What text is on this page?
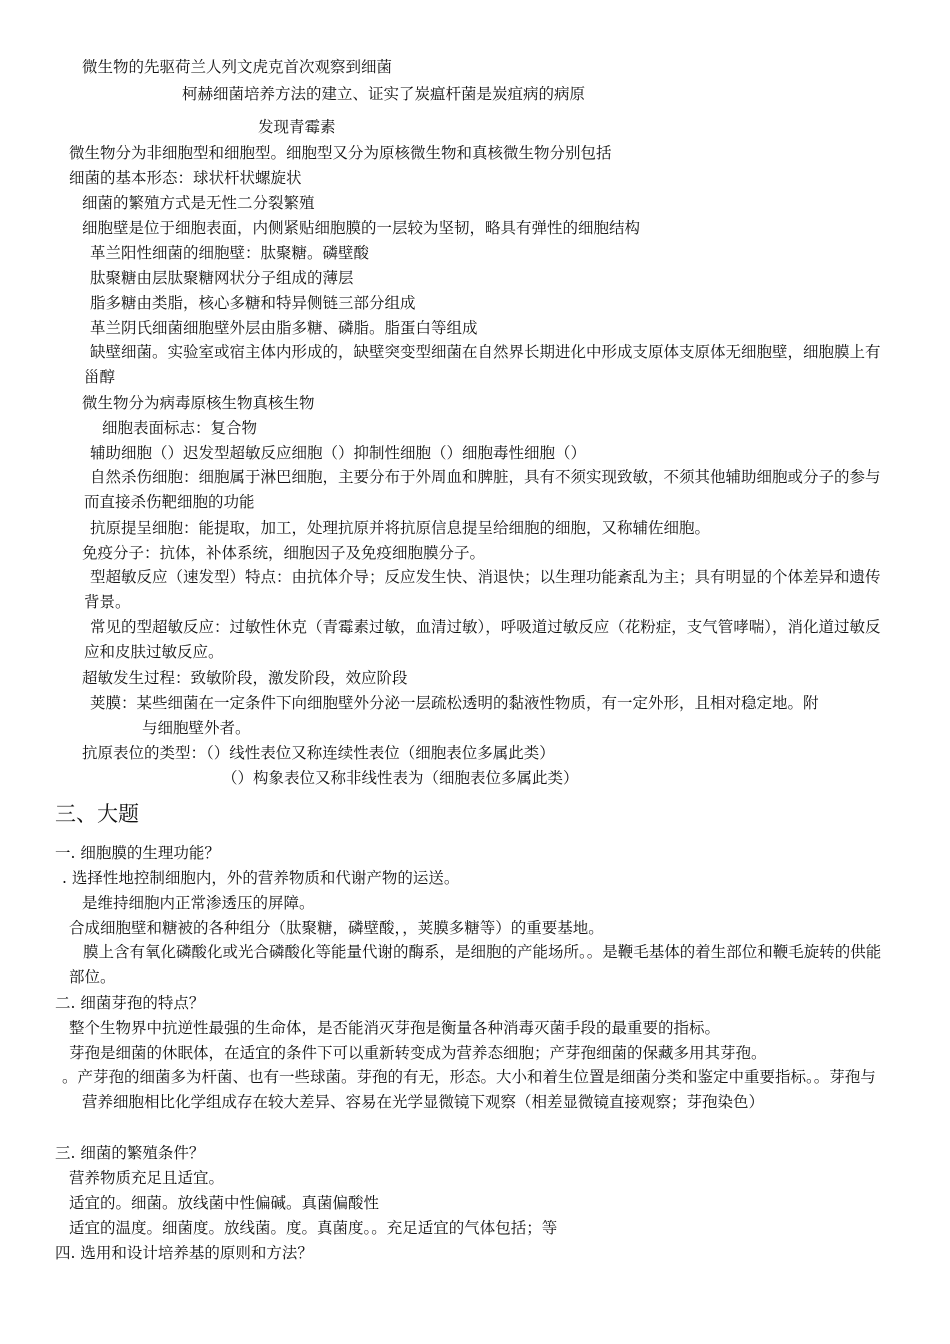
微生物的先驱荷兰人列文虎克首次观察到细菌
柯赫细菌培养方法的建立、证实了炭瘟杆菌是炭疽病的病原
发现青霉素
微生物分为非细胞型和细胞型。细胞型又分为原核微生物和真核微生物分别包括
细菌的基本形态：球状杆状螺旋状
细菌的繁殖方式是无性二分裂繁殖
细胞壁是位于细胞表面，内侧紧贴细胞膜的一层较为坚韧，略具有弹性的细胞结构
革兰阳性细菌的细胞壁：肽聚糖。磷壁酸
肽聚糖由层肽聚糖网状分子组成的薄层
脂多糖由类脂，核心多糖和特异侧链三部分组成
革兰阴氏细菌细胞壁外层由脂多糖、磷脂。脂蛋白等组成
缺壁细菌。实验室或宿主体内形成的，缺壁突变型细菌在自然界长期进化中形成支原体支原体无细胞壁，细胞膜上有甾醇
微生物分为病毒原核生物真核生物
细胞表面标志：复合物
辅助细胞（）迟发型超敏反应细胞（）抑制性细胞（）细胞毒性细胞（）
自然杀伤细胞：细胞属于淋巴细胞，主要分布于外周血和脾脏，具有不须实现致敏，不须其他辅助细胞或分子的参与而直接杀伤靶细胞的功能
抗原提呈细胞：能提取，加工，处理抗原并将抗原信息提呈给细胞的细胞，又称辅佐细胞。
免疫分子：抗体，补体系统，细胞因子及免疫细胞膜分子。
型超敏反应（速发型）特点：由抗体介导；反应发生快、消退快；以生理功能紊乱为主；具有明显的个体差异和遗传背景。
常见的型超敏反应：过敏性休克（青霉素过敏，血清过敏），呼吸道过敏反应（花粉症，支气管哮喘），消化道过敏反应和皮肤过敏反应。
超敏发生过程：致敏阶段，激发阶段，效应阶段
荚膜：某些细菌在一定条件下向细胞壁外分泌一层疏松透明的黏液性物质，有一定外形，且相对稳定地。附
与细胞壁外者。
抗原表位的类型：（）线性表位又称连续性表位（细胞表位多属此类）
（）构象表位又称非线性表为（细胞表位多属此类）
三、大题
一. 细胞膜的生理功能？
. 选择性地控制细胞内，外的营养物质和代谢产物的运送。
是维持细胞内正常渗透压的屏障。
合成细胞壁和糖被的各种组分（肽聚糖，磷壁酸，，荚膜多糖等）的重要基地。
膜上含有氧化磷酸化或光合磷酸化等能量代谢的酶系，是细胞的产能场所。。是鞭毛基体的着生部位和鞭毛旋转的供能部位。
二. 细菌芽孢的特点？
整个生物界中抗逆性最强的生命体，是否能消灭芽孢是衡量各种消毒灭菌手段的最重要的指标。
芽孢是细菌的休眠体，在适宜的条件下可以重新转变成为营养态细胞；产芽孢细菌的保藏多用其芽孢。
。产芽孢的细菌多为杆菌、也有一些球菌。芽孢的有无，形态。大小和着生位置是细菌分类和鉴定中重要指标。。芽孢与营养细胞相比化学组成存在较大差异、容易在光学显微镜下观察（相差显微镜直接观察；芽孢染色）
三. 细菌的繁殖条件？
营养物质充足且适宜。
适宜的。细菌。放线菌中性偏碱。真菌偏酸性
适宜的温度。细菌度。放线菌。度。真菌度。。充足适宜的气体包括；等
四. 选用和设计培养基的原则和方法？
